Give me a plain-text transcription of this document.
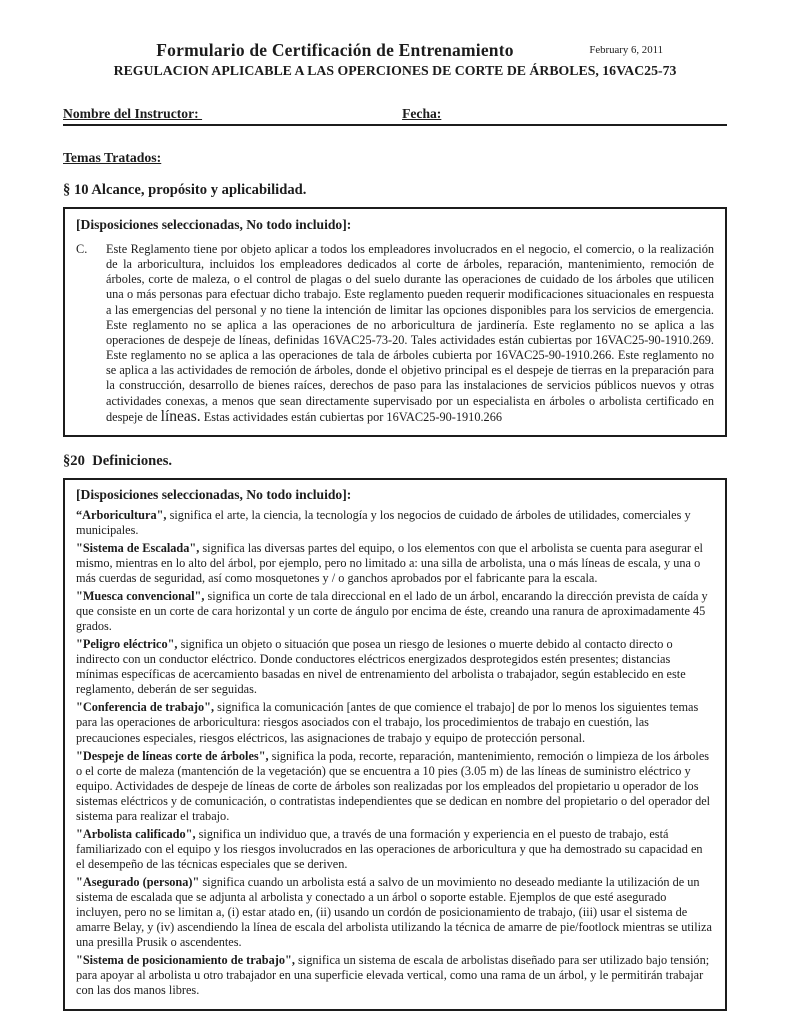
Formulario de Certificación de Entrenamiento	February 6, 2011
REGULACION APLICABLE A LAS OPERCIONES DE CORTE DE ÁRBOLES, 16VAC25-73
Nombre del Instructor:	Fecha:
Temas Tratados:
§ 10 Alcance, propósito y aplicabilidad.
[Disposiciones seleccionadas, No todo incluido]:
C.	Este Reglamento tiene por objeto aplicar a todos los empleadores involucrados en el negocio, el comercio, o la realización de la arboricultura, incluidos los empleadores dedicados al corte de árboles, reparación, mantenimiento, remoción de árboles, corte de maleza, o el control de plagas o del suelo durante las operaciones de cuidado de los árboles que utilicen una o más personas para efectuar dicho trabajo. Este reglamento pueden requerir modificaciones situacionales en respuesta a las emergencias del personal y no tiene la intención de limitar las opciones disponibles para los servicios de emergencia. Este reglamento no se aplica a las operaciones de no arboricultura de jardinería. Este reglamento no se aplica a las operaciones de despeje de líneas, definidas 16VAC25-73-20. Tales actividades están cubiertas por 16VAC25-90-1910.269. Este reglamento no se aplica a las operaciones de tala de árboles cubierta por 16VAC25-90-1910.266. Este reglamento no se aplica a las actividades de remoción de árboles, donde el objetivo principal es el despeje de tierras en la preparación para la construcción, desarrollo de bienes raíces, derechos de paso para las instalaciones de servicios públicos nuevos y otras actividades conexas, a menos que sean directamente supervisado por un especialista en árboles o arbolista certificado en despeje de líneas. Estas actividades están cubiertas por 16VAC25-90-1910.266
§20  Definiciones.
[Disposiciones seleccionadas, No todo incluido]:

“Arboricultura", significa el arte, la ciencia, la tecnología y los negocios de cuidado de árboles de utilidades, comerciales y municipales.

"Sistema de Escalada", significa las diversas partes del equipo, o los elementos con que el arbolista se cuenta para asegurar el mismo, mientras en lo alto del árbol, por ejemplo, pero no limitado a: una silla de arbolista, una o más líneas de escala, y una o más cuerdas de seguridad, así como mosquetones y / o ganchos aprobados por el fabricante para la escala.

"Muesca convencional", significa un corte de tala direccional en el lado de un árbol, encarando la dirección prevista de caída y que consiste en un corte de cara horizontal y un corte de ángulo por encima de éste, creando una ranura de aproximadamente 45 grados.

"Peligro eléctrico", significa un objeto o situación que posea un riesgo de lesiones o muerte debido al contacto directo o indirecto con un conductor eléctrico. Donde conductores eléctricos energizados desprotegidos estén presentes; distancias mínimas específicas de acercamiento basadas en nivel de entrenamiento del arbolista o trabajador, según establecido en este reglamento, deberán de ser seguidas.

"Conferencia de trabajo", significa la comunicación [antes de que comience el trabajo] de por lo menos los siguientes temas para las operaciones de arboricultura: riesgos asociados con el trabajo, los procedimientos de trabajo en cuestión, las precauciones especiales, riesgos eléctricos, las asignaciones de trabajo y equipo de protección personal.

"Despeje de líneas corte de árboles", significa la poda, recorte, reparación, mantenimiento, remoción o limpieza de los árboles o el corte de maleza (mantención de la vegetación) que se encuentra a 10 pies (3.05 m) de las líneas de suministro eléctrico y equipo. Actividades de despeje de líneas de corte de árboles son realizadas por los empleados del propietario u operador de los sistemas eléctricos y de comunicación, o contratistas independientes que se dedican en nombre del propietario o del operador del sistema para realizar el trabajo.

"Arbolista calificado", significa un individuo que, a través de una formación y experiencia en el puesto de trabajo, está familiarizado con el equipo y los riesgos involucrados en las operaciones de arboricultura y que ha demostrado su capacidad en el desempeño de las técnicas especiales que se deriven.

"Asegurado (persona)" significa cuando un arbolista está a salvo de un movimiento no deseado mediante la utilización de un sistema de escalada que se adjunta al arbolista y conectado a un árbol o soporte estable. Ejemplos de que esté asegurado incluyen, pero no se limitan a, (i) estar atado en, (ii) usando un cordón de posicionamiento de trabajo, (iii) usar el sistema de amarre Belay, y (iv) ascendiendo la línea de escala del arbolista utilizando la técnica de amarre de pie/footlock mientras se utiliza una presilla Prusik o ascendentes.

"Sistema de posicionamiento de trabajo", significa un sistema de escala de arbolistas diseñado para ser utilizado bajo tensión; para apoyar al arbolista u otro trabajador en una superficie elevada vertical, como una rama de un árbol, y le permitirán trabajar con las dos manos libres.
